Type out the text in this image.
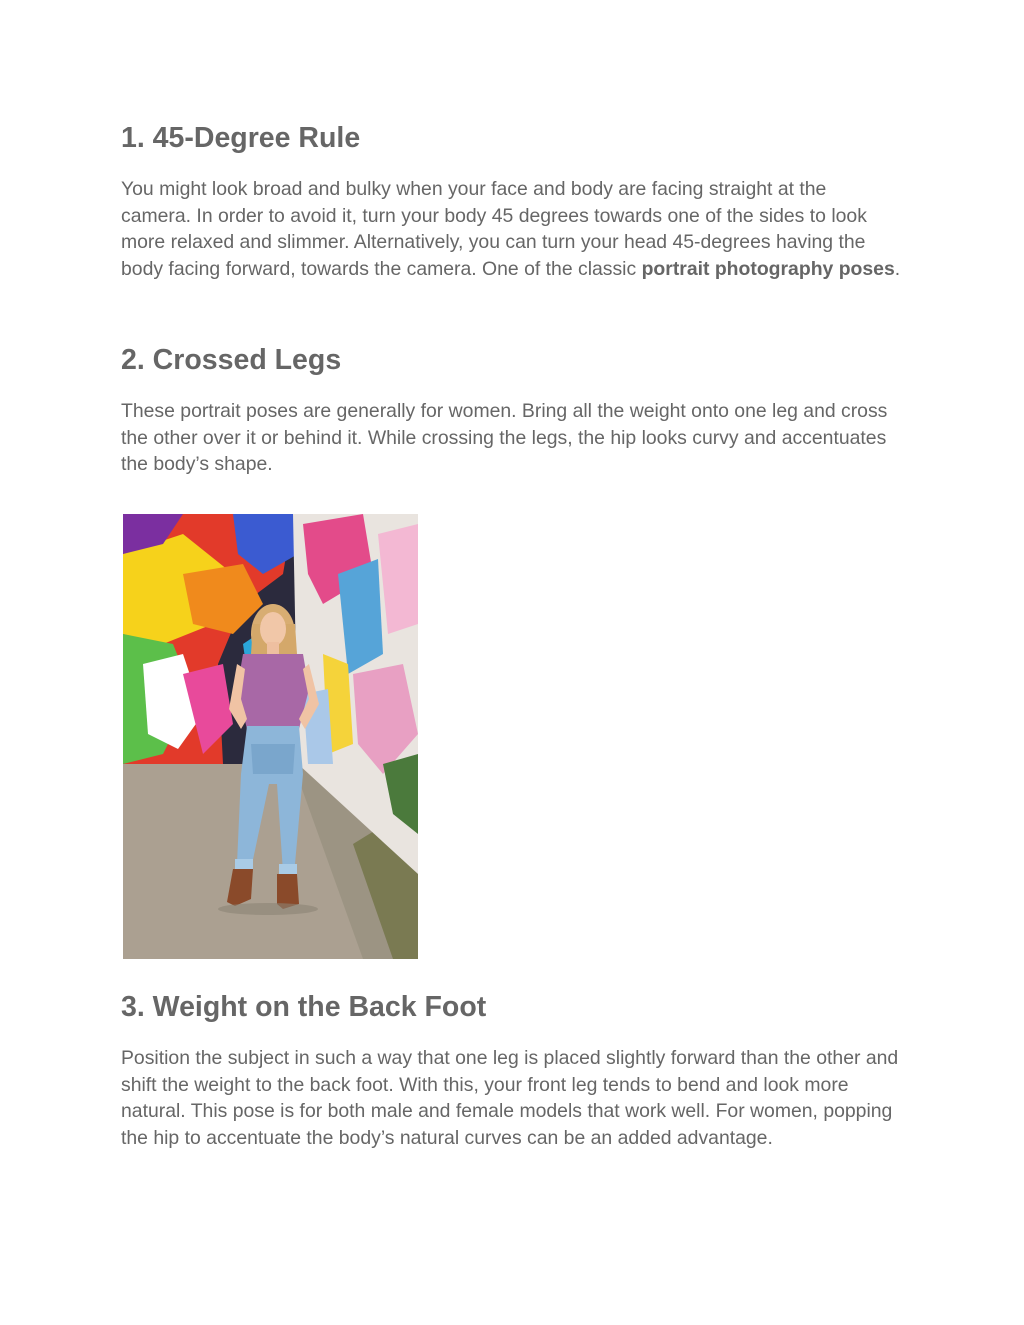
1. 45-Degree Rule

You might look broad and bulky when your face and body are facing straight at the camera. In order to avoid it, turn your body 45 degrees towards one of the sides to look more relaxed and slimmer. Alternatively, you can turn your head 45-degrees having the body facing forward, towards the camera. One of the classic portrait photography poses.

2. Crossed Legs

These portrait poses are generally for women. Bring all the weight onto one leg and cross the other over it or behind it. While crossing the legs, the hip looks curvy and accentuates the body’s shape.

3. Weight on the Back Foot

Position the subject in such a way that one leg is placed slightly forward than the other and shift the weight to the back foot. With this, your front leg tends to bend and look more natural. This pose is for both male and female models that work well. For women, popping the hip to accentuate the body’s natural curves can be an added advantage.
